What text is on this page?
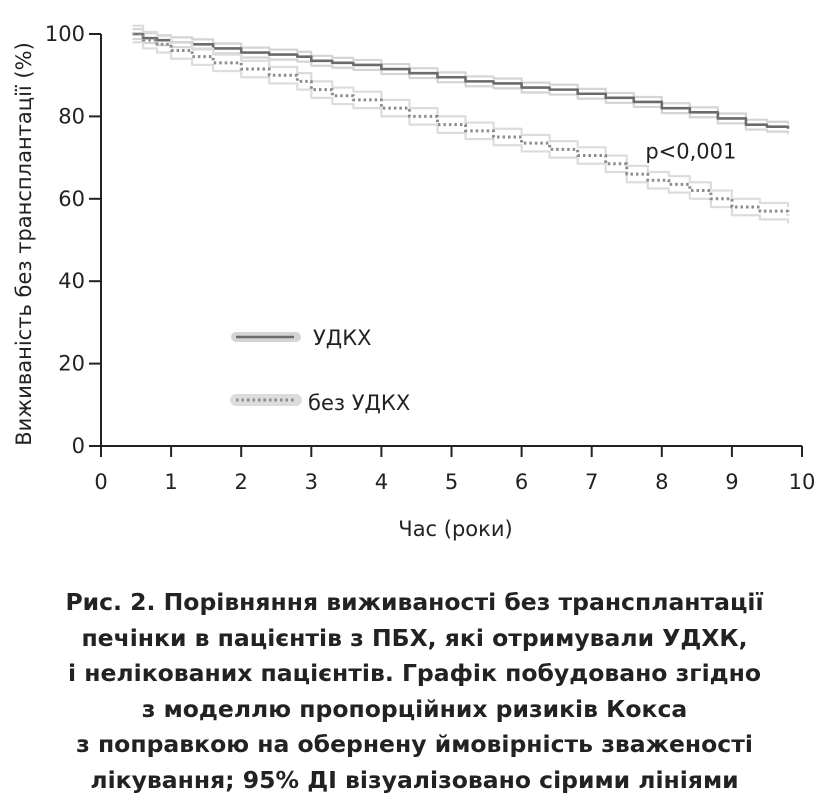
0	1	2	3	4	5	6	7	8	9 10
0
20
40
60
80
100
Час (роки)
Виживаність без трансплантації (%)	p<0,001
УДКХ
без УДКХ
Рис. 2. Порівняння виживаності без трансплантації
печінки в пацієнтів з ПБХ, які отримували УДХК,
і нелікованих пацієнтів. Графік побудовано згідно
з моделлю пропорційних ризиків Кокса
з поправкою на обернену ймовірність зваженості
лікування; 95% ДІ візуалізовано сірими лініями
